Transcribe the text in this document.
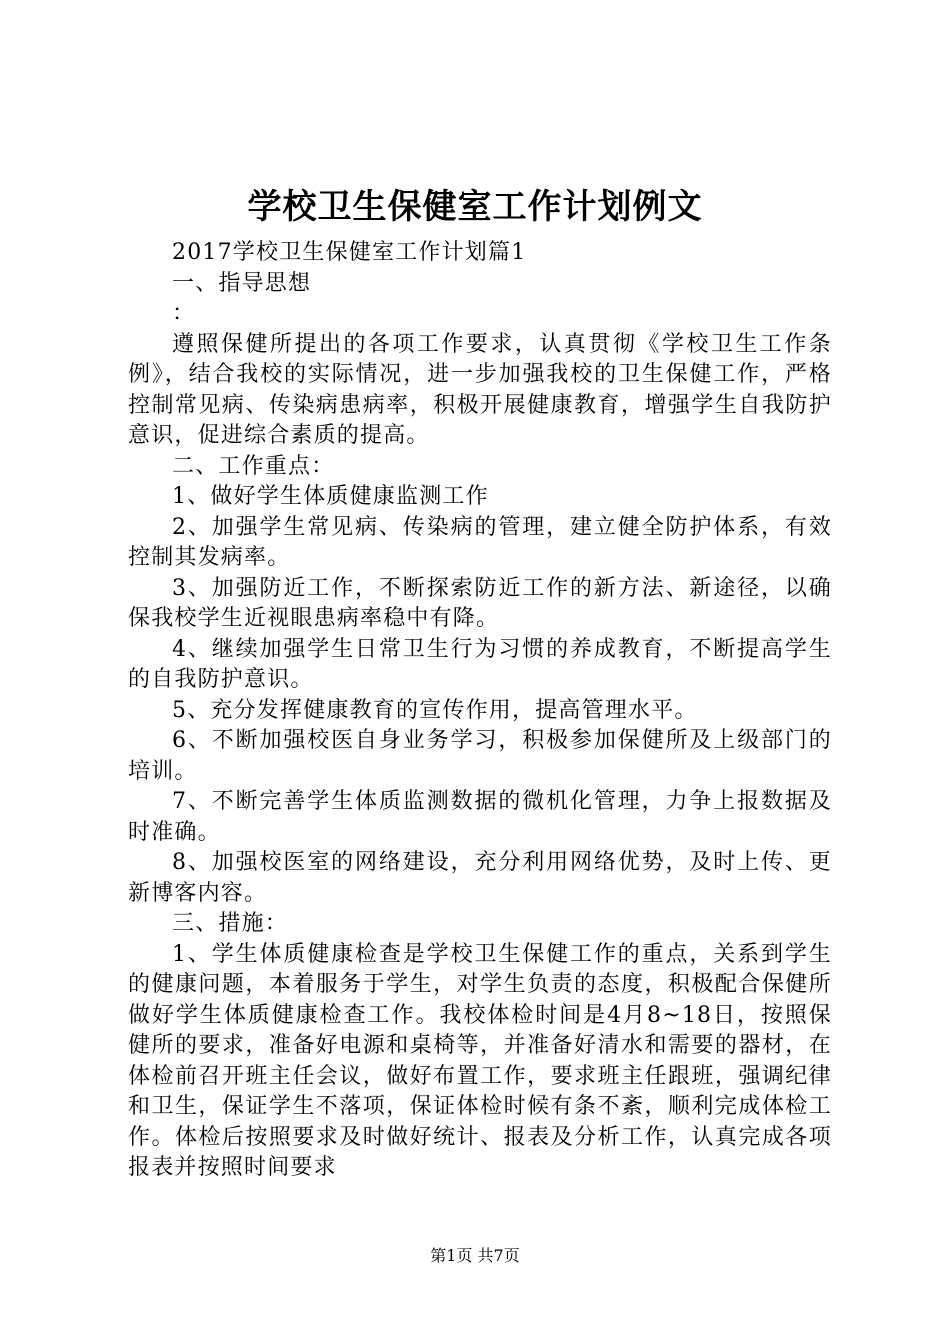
学校卫生保健室工作计划例文

2017学校卫生保健室工作计划篇1

一、指导思想

：

遵照保健所提出的各项工作要求，认真贯彻《学校卫生工作条例》，结合我校的实际情况，进一步加强我校的卫生保健工作，严格控制常见病、传染病患病率，积极开展健康教育，增强学生自我防护意识，促进综合素质的提高。

二、工作重点：

1、做好学生体质健康监测工作

2、加强学生常见病、传染病的管理，建立健全防护体系，有效控制其发病率。

3、加强防近工作，不断探索防近工作的新方法、新途径，以确保我校学生近视眼患病率稳中有降。

4、继续加强学生日常卫生行为习惯的养成教育，不断提高学生的自我防护意识。

5、充分发挥健康教育的宣传作用，提高管理水平。

6、不断加强校医自身业务学习，积极参加保健所及上级部门的培训。

7、不断完善学生体质监测数据的微机化管理，力争上报数据及时准确。

8、加强校医室的网络建设，充分利用网络优势，及时上传、更新博客内容。

三、措施：

1、学生体质健康检查是学校卫生保健工作的重点，关系到学生的健康问题，本着服务于学生，对学生负责的态度，积极配合保健所做好学生体质健康检查工作。我校体检时间是4月8~18日，按照保健所的要求，准备好电源和桌椅等，并准备好清水和需要的器材，在体检前召开班主任会议，做好布置工作，要求班主任跟班，强调纪律和卫生，保证学生不落项，保证体检时候有条不紊，顺利完成体检工作。体检后按照要求及时做好统计、报表及分析工作，认真完成各项报表并按照时间要求

第1页 共7页
